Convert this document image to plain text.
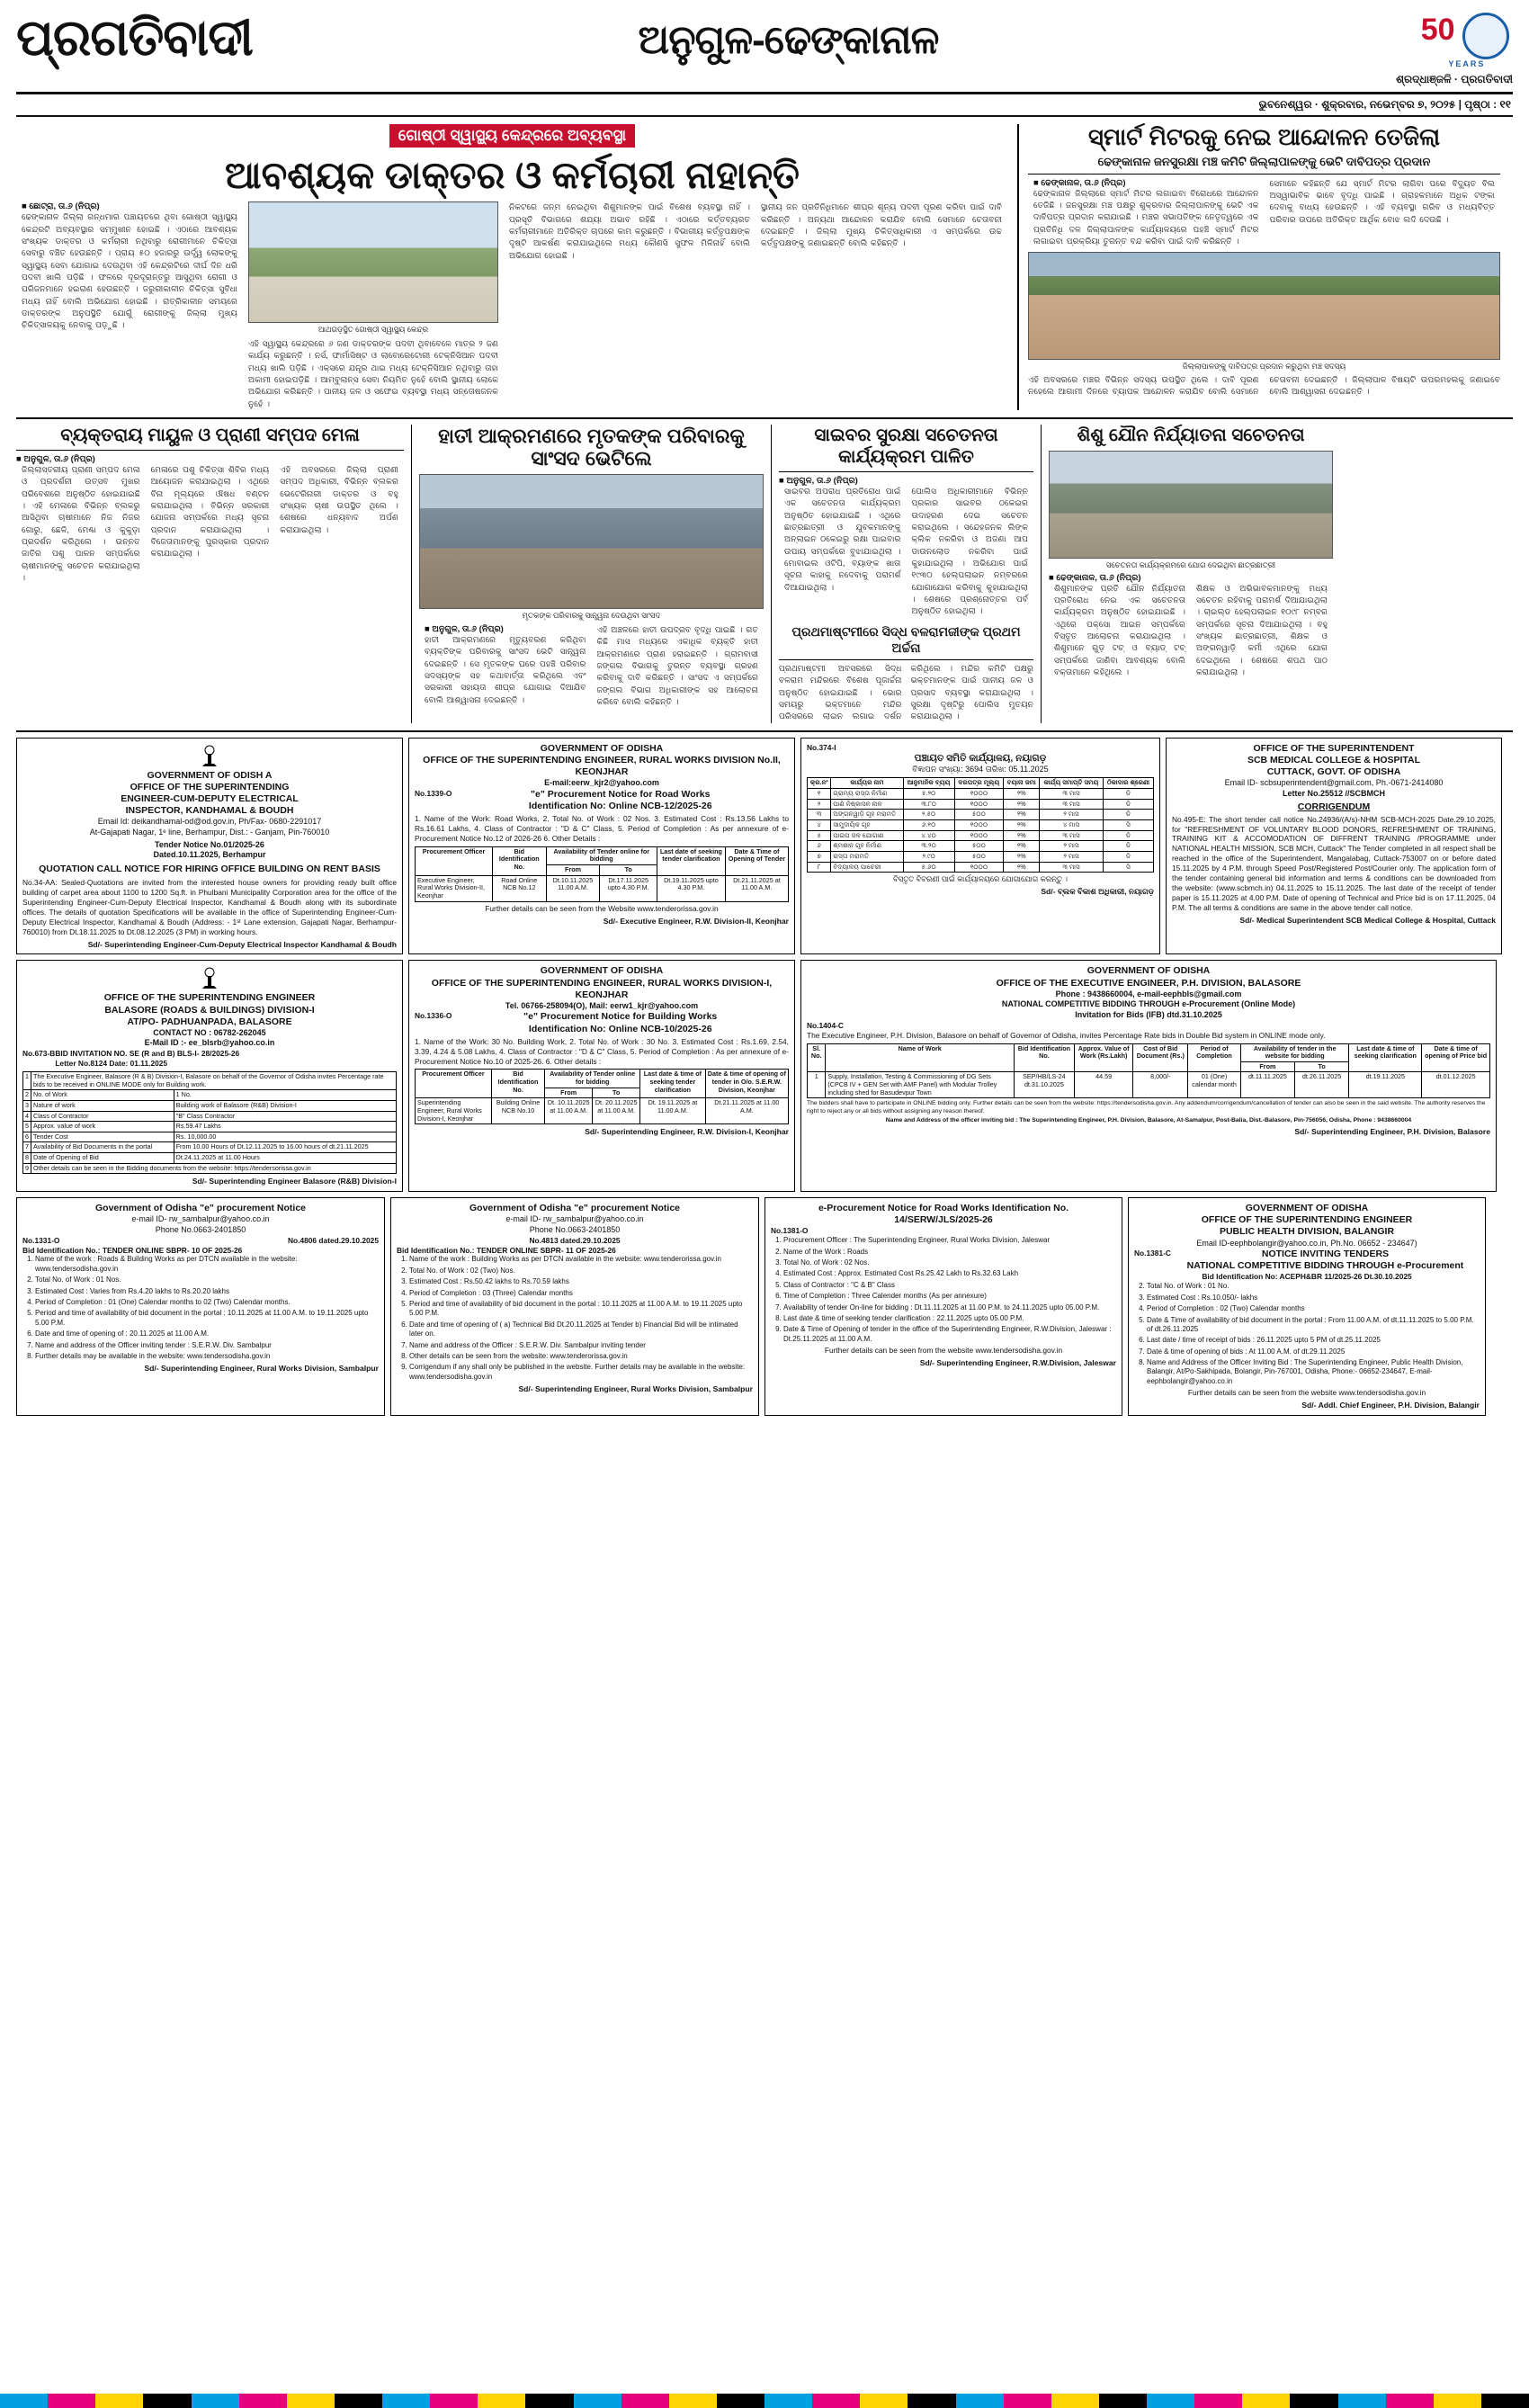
ପ୍ରଗତିବାଦୀ	ଅନୁଗୁଳ-ଢେଙ୍କାନାଳ	50
YEARS
ଶ୍ରଦ୍ଧାଞ୍ଜଳି · ପ୍ରଗତିବାଦୀ

ଭୁବନେଶ୍ୱର · ଶୁକ୍ରବାର, ନଭେମ୍ବର ୭, ୨୦୨୫ | ପୃଷ୍ଠା : ୧୧
ଗୋଷ୍ଠୀ ସ୍ୱାସ୍ଥ୍ୟ କେନ୍ଦ୍ରରେ ଅବ୍ୟବସ୍ଥା
ଆବଶ୍ୟକ ଡାକ୍ତର ଓ କର୍ମଚାରୀ ନାହାନ୍ତି
■ ଛୋଟ୍ରା, ତା.୬ (ନିପ୍ର)
ଢେଙ୍କାନାଳ ଜିଲ୍ଲା ଗନ୍ଧମାର ପଞ୍ଚାୟତରେ ଥିବା ଗୋଷ୍ଠୀ ସ୍ୱାସ୍ଥ୍ୟ କେନ୍ଦ୍ରଟି ଅବ୍ୟବସ୍ଥାର ସମ୍ମୁଖୀନ ହୋଇଛି । ଏଠାରେ ଆବଶ୍ୟକ ସଂଖ୍ୟକ ଡାକ୍ତର ଓ କର୍ମଚାରୀ ନଥିବାରୁ ରୋଗୀମାନେ ଚିକିତ୍ସା ସେବାରୁ ବଞ୍ଚିତ ହେଉଛନ୍ତି । ପ୍ରାୟ ୫୦ ହଜାରରୁ ଊର୍ଦ୍ଧ୍ୱ ଲୋକଙ୍କୁ ସ୍ୱାସ୍ଥ୍ୟ ସେବା ଯୋଗାଇ ଦେଉଥିବା ଏହି କେନ୍ଦ୍ରଟିରେ ଦୀର୍ଘ ଦିନ ଧରି ପଦବୀ ଖାଲି ପଡ଼ିଛି । ଫଳରେ ଦୂରଦୂରାନ୍ତରୁ ଆସୁଥିବା ରୋଗୀ ଓ ପରିଜନମାନେ ହଇରାଣ ହେଉଛନ୍ତି । ଜରୁରୀକାଳୀନ ଚିକିତ୍ସା ସୁବିଧା ମଧ୍ୟ ନାହିଁ ବୋଲି ଅଭିଯୋଗ ହୋଇଛି । ରାତ୍ରିକାଳୀନ ସମୟରେ ଡାକ୍ତରଙ୍କ ଅନୁପସ୍ଥିତି ଯୋଗୁଁ ରୋଗୀଙ୍କୁ ଜିଲ୍ଲା ମୁଖ୍ୟ ଚିକିତ୍ସାଳୟକୁ ନେବାକୁ ପଡ଼ୁଛି ।	ଆଥଗଡ଼ସ୍ଥିତ ଗୋଷ୍ଠୀ ସ୍ୱାସ୍ଥ୍ୟ କେନ୍ଦ୍ର
ଏହି ସ୍ୱାସ୍ଥ୍ୟ କେନ୍ଦ୍ରରେ ୬ ଜଣ ଡାକ୍ତରଙ୍କ ପଦବୀ ଥିବାବେଳେ ମାତ୍ର ୨ ଜଣ କାର୍ଯ୍ୟ କରୁଛନ୍ତି । ନର୍ସ, ଫାର୍ମାସିଷ୍ଟ ଓ ଲାବୋରେଟୋରୀ ଟେକ୍ନିସିଆନ ପଦବୀ ମଧ୍ୟ ଖାଲି ପଡ଼ିଛି । ଏକ୍ସରେ ଯନ୍ତ୍ର ଥାଇ ମଧ୍ୟ ଟେକ୍ନିସିଆନ ନଥିବାରୁ ତାହା ଅକାମୀ ହୋଇପଡ଼ିଛି । ଆମ୍ବୁଲାନ୍ସ ସେବା ନିୟମିତ ନୁହେଁ ବୋଲି ସ୍ଥାନୀୟ ଲୋକେ ଅଭିଯୋଗ କରିଛନ୍ତି । ପାନୀୟ ଜଳ ଓ ସଫେଇ ବ୍ୟବସ୍ଥା ମଧ୍ୟ ସନ୍ତୋଷଜନକ ନୁହେଁ ।
ନିକଟରେ ଜନ୍ମ ନେଇଥିବା ଶିଶୁମାନଙ୍କ ପାଇଁ ବିଶେଷ ବ୍ୟବସ୍ଥା ନାହିଁ । ପ୍ରସୂତି ବିଭାଗରେ ଶଯ୍ୟା ଅଭାବ ରହିଛି । ଏଠାରେ କର୍ତ୍ତବ୍ୟରତ କର୍ମଚାରୀମାନେ ଅତିରିକ୍ତ ଚାପରେ କାମ କରୁଛନ୍ତି । ବିଭାଗୀୟ କର୍ତ୍ତୃପକ୍ଷଙ୍କ ଦୃଷ୍ଟି ଆକର୍ଷଣ କରାଯାଇଥିଲେ ମଧ୍ୟ କୌଣସି ସୁଫଳ ମିଳିନାହିଁ ବୋଲି ଅଭିଯୋଗ ହୋଇଛି ।
ସ୍ଥାନୀୟ ଜନ ପ୍ରତିନିଧିମାନେ ଶୀଘ୍ର ଶୂନ୍ୟ ପଦବୀ ପୂରଣ କରିବା ପାଇଁ ଦାବି କରିଛନ୍ତି । ଅନ୍ୟଥା ଆନ୍ଦୋଳନ କରାଯିବ ବୋଲି ସେମାନେ ଚେତାବନୀ ଦେଇଛନ୍ତି । ଜିଲ୍ଲା ମୁଖ୍ୟ ଚିକିତ୍ସାଧିକାରୀ ଏ ସମ୍ପର୍କରେ ଉଚ୍ଚ କର୍ତ୍ତୃପକ୍ଷଙ୍କୁ ଜଣାଇଛନ୍ତି ବୋଲି କହିଛନ୍ତି ।
ସ୍ମାର୍ଟ ମିଟରକୁ ନେଇ ଆନ୍ଦୋଳନ ତେଜିଲା
ଢେଙ୍କାନାଳ ଜନସୁରକ୍ଷା ମଞ୍ଚ କମିଟି ଜିଲ୍ଲାପାଳଙ୍କୁ ଭେଟି ଦାବିପତ୍ର ପ୍ରଦାନ
■ ଢେଙ୍କାନାଳ, ତା.୬ (ନିପ୍ର)
ଢେଙ୍କାନାଳ ଜିଲ୍ଲାରେ ସ୍ମାର୍ଟ ମିଟର ଲଗାଇବା ବିରୋଧରେ ଆନ୍ଦୋଳନ ତେଜିଛି । ଜନସୁରକ୍ଷା ମଞ୍ଚ ପକ୍ଷରୁ ଶୁକ୍ରବାର ଜିଲ୍ଲାପାଳଙ୍କୁ ଭେଟି ଏକ ଦାବିପତ୍ର ପ୍ରଦାନ କରାଯାଇଛି । ମଞ୍ଚର ସଭାପତିଙ୍କ ନେତୃତ୍ୱରେ ଏକ ପ୍ରତିନିଧି ଦଳ ଜିଲ୍ଲାପାଳଙ୍କ କାର୍ଯ୍ୟାଳୟରେ ପହଞ୍ଚି ସ୍ମାର୍ଟ ମିଟର ଲଗାଇବା ପ୍ରକ୍ରିୟା ତୁରନ୍ତ ବନ୍ଦ କରିବା ପାଇଁ ଦାବି କରିଛନ୍ତି ।
ସେମାନେ କହିଛନ୍ତି ଯେ ସ୍ମାର୍ଟ ମିଟର ଲାଗିବା ପରେ ବିଦ୍ୟୁତ ବିଲ ଅସ୍ୱାଭାବିକ ଭାବେ ବୃଦ୍ଧି ପାଇଛି । ଗ୍ରାହକମାନେ ଅଧିକ ଟଙ୍କା ଦେବାକୁ ବାଧ୍ୟ ହେଉଛନ୍ତି । ଏହି ବ୍ୟବସ୍ଥା ଗରିବ ଓ ମଧ୍ୟବିତ୍ତ ପରିବାର ଉପରେ ଅତିରିକ୍ତ ଆର୍ଥିକ ବୋଝ ଲଦି ଦେଉଛି ।
ଜିଲ୍ଲାପାଳଙ୍କୁ ଦାବିପତ୍ର ପ୍ରଦାନ କରୁଥିବା ମଞ୍ଚ ସଦସ୍ୟ
ଏହି ଅବସରରେ ମଞ୍ଚର ବିଭିନ୍ନ ସଦସ୍ୟ ଉପସ୍ଥିତ ଥିଲେ । ଦାବି ପୂରଣ ନହେଲେ ଆଗାମୀ ଦିନରେ ବ୍ୟାପକ ଆନ୍ଦୋଳନ କରାଯିବ ବୋଲି ସେମାନେ ଚେତାବନୀ ଦେଇଛନ୍ତି । ଜିଲ୍ଲାପାଳ ବିଷୟଟି ଉପରମହଲକୁ ଜଣାଇବେ ବୋଲି ଆଶ୍ୱାସନା ଦେଇଛନ୍ତି ।
ବ୍ୟକ୍ତରାୟ ମାୟୁଳ ଓ ପ୍ରାଣୀ ସମ୍ପଦ ମେଳା
■ ଅନୁଗୁଳ, ତା.୬ (ନିପ୍ର)
ଜିଲ୍ଲାସ୍ତରୀୟ ପ୍ରାଣୀ ସମ୍ପଦ ମେଳା ଓ ପ୍ରଦର୍ଶନୀ ଉତ୍ସବ ମୁଖର ପରିବେଶରେ ଅନୁଷ୍ଠିତ ହୋଇଯାଇଛି । ଏହି ମେଳାରେ ବିଭିନ୍ନ ବ୍ଲକରୁ ଆସିଥିବା ଚାଷୀମାନେ ନିଜ ନିଜର ଗୋରୁ, ଛେଳି, ମେଣ୍ଢା ଓ କୁକୁଡ଼ା ପ୍ରଦର୍ଶନ କରିଥିଲେ । ଉନ୍ନତ ଜାତିର ପଶୁ ପାଳନ ସମ୍ପର୍କରେ ଚାଷୀମାନଙ୍କୁ ସଚେତନ କରାଯାଇଥିଲା ।
ମେଳାରେ ପଶୁ ଚିକିତ୍ସା ଶିବିର ମଧ୍ୟ ଆୟୋଜନ କରାଯାଇଥିଲା । ଏଥିରେ ବିନା ମୂଲ୍ୟରେ ଔଷଧ ବଣ୍ଟନ କରାଯାଇଥିଲା । ବିଭିନ୍ନ ସରକାରୀ ଯୋଜନା ସମ୍ପର୍କରେ ମଧ୍ୟ ସୂଚନା ପ୍ରଦାନ କରାଯାଇଥିଲା । ବିଜେତାମାନଙ୍କୁ ପୁରସ୍କାର ପ୍ରଦାନ କରାଯାଇଥିଲା ।
ଏହି ଅବସରରେ ଜିଲ୍ଲା ପ୍ରାଣୀ ସମ୍ପଦ ଅଧିକାରୀ, ବିଭିନ୍ନ ବ୍ଲକର ଭେଟେରିନାରୀ ଡାକ୍ତର ଓ ବହୁ ସଂଖ୍ୟକ ଚାଷୀ ଉପସ୍ଥିତ ଥିଲେ । ଶେଷରେ ଧନ୍ୟବାଦ ଅର୍ପଣ କରାଯାଇଥିଲା ।
ହାତୀ ଆକ୍ରମଣରେ ମୃତକଙ୍କ ପରିବାରକୁ ସାଂସଦ ଭେଟିଲେ
ମୃତକଙ୍କ ପରିବାରକୁ ସାନ୍ତ୍ୱନା ଦେଉଥିବା ସାଂସଦ
■ ଅନୁଗୁଳ, ତା.୬ (ନିପ୍ର)
ହାତୀ ଆକ୍ରମଣରେ ମୃତ୍ୟୁବରଣ କରିଥିବା ବ୍ୟକ୍ତିଙ୍କ ପରିବାରକୁ ସାଂସଦ ଭେଟି ସାନ୍ତ୍ୱନା ଦେଇଛନ୍ତି । ସେ ମୃତକଙ୍କ ଘରେ ପହଞ୍ଚି ପରିବାର ସଦସ୍ୟଙ୍କ ସହ କଥାବାର୍ତ୍ତା କରିଥିଲେ ଏବଂ ସରକାରୀ ସହାୟତା ଶୀଘ୍ର ଯୋଗାଇ ଦିଆଯିବ ବୋଲି ଆଶ୍ୱାସନା ଦେଇଛନ୍ତି ।
ଏହି ଅଞ୍ଚଳରେ ହାତୀ ଉପଦ୍ରବ ବୃଦ୍ଧି ପାଇଛି । ଗତ କିଛି ମାସ ମଧ୍ୟରେ ଏକାଧିକ ବ୍ୟକ୍ତି ହାତୀ ଆକ୍ରମଣରେ ପ୍ରାଣ ହରାଇଛନ୍ତି । ଗ୍ରାମବାସୀ ଜଙ୍ଗଲ ବିଭାଗକୁ ତୁରନ୍ତ ବ୍ୟବସ୍ଥା ଗ୍ରହଣ କରିବାକୁ ଦାବି କରିଛନ୍ତି । ସାଂସଦ ଏ ସମ୍ପର୍କରେ ଜଙ୍ଗଲ ବିଭାଗ ଅଧିକାରୀଙ୍କ ସହ ଆଲୋଚନା କରିବେ ବୋଲି କହିଛନ୍ତି ।
ସାଇବର ସୁରକ୍ଷା ସଚେତନତା କାର୍ଯ୍ୟକ୍ରମ ପାଳିତ
■ ଅନୁଗୁଳ, ତା.୬ (ନିପ୍ର)
ସାଇବର ଅପରାଧ ପ୍ରତିରୋଧ ପାଇଁ ଏକ ସଚେତନତା କାର୍ଯ୍ୟକ୍ରମ ଅନୁଷ୍ଠିତ ହୋଇଯାଇଛି । ଏଥିରେ ଛାତ୍ରଛାତ୍ରୀ ଓ ଯୁବକମାନଙ୍କୁ ଅନ୍‌ଲାଇନ ଠକେଇରୁ ରକ୍ଷା ପାଇବାର ଉପାୟ ସମ୍ପର୍କରେ ବୁଝାଯାଇଥିଲା । ମୋବାଇଲ ଓଟିପି, ବ୍ୟାଙ୍କ ଖାତା ସୂଚନା କାହାକୁ ନଦେବାକୁ ପରାମର୍ଶ ଦିଆଯାଇଥିଲା ।
ପୋଲିସ ଅଧିକାରୀମାନେ ବିଭିନ୍ନ ପ୍ରକାର ସାଇବର ଠକେଇର ଉଦାହରଣ ଦେଇ ସଚେତନ କରାଇଥିଲେ । ସନ୍ଦେହଜନକ ଲିଙ୍କ କ୍ଲିକ ନକରିବା ଓ ଅଜଣା ଆପ ଡାଉନଲୋଡ ନକରିବା ପାଇଁ କୁହାଯାଇଥିଲା । ଅଭିଯୋଗ ପାଇଁ ୧୯୩୦ ହେଲ୍ପଲାଇନ ନମ୍ବରରେ ଯୋଗାଯୋଗ କରିବାକୁ କୁହାଯାଇଥିଲା । ଶେଷରେ ପ୍ରଶ୍ନୋତ୍ତର ପର୍ବ ଅନୁଷ୍ଠିତ ହୋଇଥିଲା ।
ପ୍ରଥମାଷ୍ଟମୀରେ ସିଦ୍ଧ ବଳରାମଜୀଙ୍କ ପ୍ରଥମ ଅର୍ଚ୍ଚନା
ପ୍ରଥମାଷ୍ଟମୀ ଅବସରରେ ସିଦ୍ଧ ବଳରାମ ମନ୍ଦିରରେ ବିଶେଷ ପୂଜାର୍ଚ୍ଚନା ଅନୁଷ୍ଠିତ ହୋଇଯାଇଛି । ଭୋର ସମୟରୁ ଭକ୍ତମାନେ ମନ୍ଦିର ପରିସରରେ ଲାଇନ ଲଗାଇ ଦର୍ଶନ କରିଥିଲେ । ମନ୍ଦିର କମିଟି ପକ୍ଷରୁ ଭକ୍ତମାନଙ୍କ ପାଇଁ ପାନୀୟ ଜଳ ଓ ପ୍ରସାଦ ବ୍ୟବସ୍ଥା କରାଯାଇଥିଲା । ସୁରକ୍ଷା ଦୃଷ୍ଟିରୁ ପୋଲିସ ମୁତୟନ କରାଯାଇଥିଲା ।
ଶିଶୁ ଯୌନ ନିର୍ଯ୍ୟାତନା ସଚେତନତା
ସଚେତନତା କାର୍ଯ୍ୟକ୍ରମରେ ଯୋଗ ଦେଇଥିବା ଛାତ୍ରଛାତ୍ରୀ
■ ଢେଙ୍କାନାଳ, ତା.୬ (ନିପ୍ର)
ଶିଶୁମାନଙ୍କ ପ୍ରତି ଯୌନ ନିର୍ଯ୍ୟାତନା ପ୍ରତିରୋଧ ନେଇ ଏକ ସଚେତନତା କାର୍ଯ୍ୟକ୍ରମ ଅନୁଷ୍ଠିତ ହୋଇଯାଇଛି । ଏଥିରେ ପକ୍‌ସୋ ଆଇନ ସମ୍ପର୍କରେ ବିସ୍ତୃତ ଆଲୋଚନା କରାଯାଇଥିଲା । ଶିଶୁମାନେ ଗୁଡ଼ ଟଚ୍ ଓ ବ୍ୟାଡ୍ ଟଚ୍ ସମ୍ପର୍କରେ ଜାଣିବା ଆବଶ୍ୟକ ବୋଲି ବକ୍ତାମାନେ କହିଥିଲେ ।
ଶିକ୍ଷକ ଓ ଅଭିଭାବକମାନଙ୍କୁ ମଧ୍ୟ ସଚେତନ ରହିବାକୁ ପରାମର୍ଶ ଦିଆଯାଇଥିଲା । ଚାଇଲ୍ଡ ହେଲ୍ପଲାଇନ ୧୦୯୮ ନମ୍ବର ସମ୍ପର୍କରେ ସୂଚନା ଦିଆଯାଇଥିଲା । ବହୁ ସଂଖ୍ୟକ ଛାତ୍ରଛାତ୍ରୀ, ଶିକ୍ଷକ ଓ ଅଙ୍ଗନୱାଡ଼ି କର୍ମୀ ଏଥିରେ ଯୋଗ ଦେଇଥିଲେ । ଶେଷରେ ଶପଥ ପାଠ କରାଯାଇଥିଲା ।
GOVERNMENT OF ODISH A
OFFICE OF THE SUPERINTENDING
ENGINEER-CUM-DEPUTY ELECTRICAL
INSPECTOR, KANDHAMAL & BOUDH
Email Id: deikandhamal-od@od.gov.in, Ph/Fax- 0680-2291017
At-Gajapati Nagar, 1ᵉ line, Berhampur, Dist.: - Ganjam, Pin-760010
Tender Notice No.01/2025-26
Dated.10.11.2025, Berhampur
QUOTATION CALL NOTICE FOR HIRING OFFICE BUILDING ON RENT BASIS
No.34-AA: Sealed-Quotations are invited from the interested house owners for providing ready built office building of carpet area about 1100 to 1200 Sq.ft. in Phulbani Municipality Corporation area for the office of the Superintending Engineer-Cum-Deputy Electrical Inspector, Kandhamal & Boudh along with its subordinate offices. The details of quotation Specifications will be available in the office of Superintending Engineer-Cum-Deputy Electrical Inspector, Kandhamal & Boudh (Address: - 1ˢᵗ Lane extension, Gajapati Nagar, Berhampur-760010) from Dt.18.11.2025 to Dt.08.12.2025 (3 PM) in working hours.
Sd/- Superintending Engineer-Cum-Deputy Electrical Inspector Kandhamal & Boudh
GOVERNMENT OF ODISHA
OFFICE OF THE SUPERINTENDING ENGINEER, RURAL WORKS DIVISION No.II, KEONJHAR
E-mail:eerw_kjr2@yahoo.com
No.1339-O	"e" Procurement Notice for Road Works
Identification No: Online NCB-12/2025-26
1. Name of the Work: Road Works, 2. Total No. of Work : 02 Nos. 3. Estimated Cost : Rs.13.56 Lakhs to Rs.16.61 Lakhs, 4. Class of Contractor : "D & C" Class, 5. Period of Completion : As per annexure of e-Procurement Notice No.12 of 2026-26 6. Other Details :
Procurement Officer	Bid Identification No.	Availability of Tender online for bidding		Last date of seeking tender clarification	Date & Time of Opening of Tender
		From	To		
Executive Engineer, Rural Works Division-II, Keonjhar	Road Online NCB No.12	Dt.10.11.2025 11.00 A.M.	Dt.17.11.2025 upto 4.30 P.M.	Dt.19.11.2025 upto 4.30 P.M.	Dt.21.11.2025 at 11.00 A.M.
Further details can be seen from the Website www.tenderorissa.gov.in
Sd/- Executive Engineer, R.W. Division-II, Keonjhar
No.374-I
ପଞ୍ଚାୟତ ସମିତି କାର୍ଯ୍ୟାଳୟ, ନୟାଗଡ଼
ବିଜ୍ଞାପନ ସଂଖ୍ୟା: 3694 ତାରିଖ: 05.11.2025
କ୍ର.ନଂ	କାର୍ଯ୍ୟର ନାମ	ଆନୁମାନିକ ବ୍ୟୟ	ଦରପତ୍ର ମୂଲ୍ୟ	ବୟାନା ଜମା	କାର୍ଯ୍ୟ ସମାପ୍ତି ସମୟ	ଠିକାଦାର ଶ୍ରେଣୀ
୧	ଗ୍ରାମ୍ୟ ରାସ୍ତା ନିର୍ମାଣ	୫.୨୦	୧୦୦୦	୨%	୩ ମାସ	ଡି
୨	ପାଣି ନିଷ୍କାସନ ନାଳ	୩.୮୦	୧୦୦୦	୨%	୩ ମାସ	ଡି
୩	ଅଙ୍ଗନୱାଡ଼ି ଗୃହ ମରାମତି	୨.୫୦	୫୦୦	୨%	୨ ମାସ	ଡି
୪	ସାମୁଦାୟିକ ଗୃହ	୬.୧୦	୧୦୦୦	୨%	୪ ମାସ	ସି
୫	ପାଇପ ଜଳ ଯୋଗାଣ	୪.୪୦	୧୦୦୦	୨%	୩ ମାସ	ଡି
୬	ଶ୍ମଶାନ ଗୃହ ନିର୍ମାଣ	୩.୨୦	୫୦୦	୨%	୨ ମାସ	ଡି
୭	ରାସ୍ତା ମରାମତି	୨.୯୦	୫୦୦	୨%	୨ ମାସ	ଡି
୮	ବିଦ୍ୟାଳୟ ପାଚେରୀ	୫.୬୦	୧୦୦୦	୨%	୩ ମାସ	ସି
ବିସ୍ତୃତ ବିବରଣୀ ପାଇଁ କାର୍ଯ୍ୟାଳୟରେ ଯୋଗାଯୋଗ କରନ୍ତୁ ।
Sd/- ବ୍ଲକ ବିକାଶ ଅଧିକାରୀ, ନୟାଗଡ଼
OFFICE OF THE SUPERINTENDENT
SCB MEDICAL COLLEGE & HOSPITAL
CUTTACK, GOVT. OF ODISHA
Email ID- scbsuperintendent@gmail.com, Ph.-0671-2414080
Letter No.25512 //SCBMCH
CORRIGENDUM
No.495-E: The short tender call notice No.24936/(A/s)-NHM SCB-MCH-2025 Date.29.10.2025, for "REFRESHMENT OF VOLUNTARY BLOOD DONORS, REFRESHMENT OF TRAINING, TRAINING KIT & ACCOMODATION OF DIFFRENT TRAINING /PROGRAMME under NATIONAL HEALTH MISSION, SCB MCH, Cuttack" The Tender completed in all respect shall be reached in the office of the Superintendent, Mangalabag, Cuttack-753007 on or before dated 15.11.2025 by 4 P.M. through Speed Post/Registered Post/Courier only. The application form of the tender containing general bid information and terms & conditions can be downloaded from the website: (www.scbmch.in) 04.11.2025 to 15.11.2025. The last date of the receipt of tender paper is 15.11.2025 at 4.00 P.M. Date of opening of Technical and Price bid is on 17.11.2025, 04 P.M. The all terms & conditions are same in the above tender call notice.
Sd/- Medical Superintendent SCB Medical College & Hospital, Cuttack
OFFICE OF THE SUPERINTENDING ENGINEER
BALASORE (ROADS & BUILDINGS) DIVISION-I
AT/PO- PADHUANPADA, BALASORE
CONTACT NO : 06782-262045
E-Mail ID :- ee_blsrb@yahoo.co.in
No.673-B BID INVITATION NO. SE (R and B) BLS-I- 28/2025-26
Letter No.8124 Date: 01.11.2025
1	The Executive Engineer, Balasore (R & B) Division-I, Balasore on behalf of the Governor of Odisha invites Percentage rate bids to be received in ONLINE MODE only for Building work.	
2	No. of Work	1 No.
3	Nature of work	Building work of Balasore (R&B) Division-I
4	Class of Contractor	"B" Class Contractor
5	Approx. value of work	Rs.59.47 Lakhs
6	Tender Cost	Rs. 10,000.00
7	Availability of Bid Documents in the portal	From 10.00 Hours of Dt.12.11.2025 to 16.00 hours of dt.21.11.2025
8	Date of Opening of Bid	Dt.24.11.2025 at 11.00 Hours
9	Other details can be seen in the Bidding documents from the website: https://tendersorissa.gov.in	
Sd/- Superintending Engineer Balasore (R&B) Division-I
GOVERNMENT OF ODISHA
OFFICE OF THE SUPERINTENDING ENGINEER, RURAL WORKS DIVISION-I, KEONJHAR
Tel. 06766-258094(O), Mail: eerw1_kjr@yahoo.com
No.1336-O	"e" Procurement Notice for Building Works
Identification No: Online NCB-10/2025-26
1. Name of the Work: 30 No. Building Work, 2. Total No. of Work : 30 No. 3. Estimated Cost : Rs.1.69, 2.54, 3.39, 4.24 & 5.08 Lakhs, 4. Class of Contractor : "D & C" Class, 5. Period of Completion : As per annexure of e-Procurement Notice No.10 of 2025-26. 6. Other details :
Procurement Officer	Bid Identification No.	Availability of Tender online for bidding		Last date & time of seeking tender clarification	Date & time of opening of tender in O/o. S.E.R.W. Division, Keonjhar
		From	To		
Superintending Engineer, Rural Works Division-I, Keonjhar	Building Online NCB No.10	Dt. 10.11.2025 at 11.00 A.M.	Dt. 20.11.2025 at 11.00 A.M.	Dt. 19.11.2025 at 11.00 A.M.	Dt.21.11.2025 at 11.00 A.M.
Sd/- Superintending Engineer, R.W. Division-I, Keonjhar
GOVERNMENT OF ODISHA
OFFICE OF THE EXECUTIVE ENGINEER, P.H. DIVISION, BALASORE
Phone : 9438660004, e-mail-eephbls@gmail.com
NATIONAL COMPETITIVE BIDDING THROUGH e-Procurement (Online Mode)
Invitation for Bids (IFB) dtd.31.10.2025
No.1404-C
The Executive Engineer, P.H. Division, Balasore on behalf of Governor of Odisha, invites Percentage Rate bids in Double Bid system in ONLINE mode only.
Sl. No.	Name of Work	Bid Identification No.	Approx. Value of Work (Rs.Lakh)	Cost of Bid Document (Rs.)	Period of Completion	Availability of tender in the website for bidding		Last date & time of seeking clarification	Date & time of opening of Price bid
						From	To		
1	Supply, Installation, Testing & Commissioning of DG Sets (CPCB IV + GEN Set with AMF Panel) with Modular Trolley including shed for Basudevpur Town	SEP/HB/LS-24 dt.31.10.2025	44.59	8,000/-	01 (One) calendar month	dt.11.11.2025	dt.26.11.2025	dt.19.11.2025	dt.01.12.2025
The bidders shall have to participate in ONLINE bidding only. Further details can be seen from the website: https://tendersodisha.gov.in. Any addendum/corrigendum/cancellation of tender can also be seen in the said website. The authority reserves the right to reject any or all bids without assigning any reason thereof.
Name and Address of the officer inviting bid : The Superintending Engineer, P.H. Division, Balasore, At-Samalpur, Post-Balia, Dist.-Balasore, Pin-756056, Odisha, Phone : 9438660004
Sd/- Superintending Engineer, P.H. Division, Balasore
Government of Odisha "e" procurement Notice
e-mail ID- rw_sambalpur@yahoo.co.in
Phone No.0663-2401850
No.1331-O	No.4806 dated.29.10.2025
Bid Identification No.: TENDER ONLINE SBPR- 10 OF 2025-26
1. Name of the work : Roads & Building Works as per DTCN available in the website: www.tendersodisha.gov.in
2. Total No. of Work : 01 Nos.
3. Estimated Cost : Varies from Rs.4.20 lakhs to Rs.20.20 lakhs
4. Period of Completion : 01 (One) Calendar months to 02 (Two) Calendar months.
5. Period and time of availability of bid document in the portal : 10.11.2025 at 11.00 A.M. to 19.11.2025 upto 5.00 P.M.
6. Date and time of opening of : 20.11.2025 at 11.00 A.M.
7. Name and address of the Officer inviting tender : S.E.R.W. Div. Sambalpur
8. Further details may be available in the website: www.tendersodisha.gov.in
Sd/- Superintending Engineer, Rural Works Division, Sambalpur
Government of Odisha "e" procurement Notice
e-mail ID- rw_sambalpur@yahoo.co.in
Phone No.0663-2401850
No.4813 dated.29.10.2025
Bid Identification No.: TENDER ONLINE SBPR- 11 OF 2025-26
1. Name of the work : Building Works as per DTCN available in the website: www.tenderorissa.gov.in
2. Total No. of Work : 02 (Two) Nos.
3. Estimated Cost : Rs.50.42 lakhs to Rs.70.59 lakhs
4. Period of Completion : 03 (Three) Calendar months
5. Period and time of availability of bid document in the portal : 10.11.2025 at 11.00 A.M. to 19.11.2025 upto 5.00 P.M.
6. Date and time of opening of ( a) Technical Bid Dt.20.11.2025 at Tender b) Financial Bid will be intimated later on.
7. Name and address of the Officer : S.E.R.W. Div. Sambalpur inviting tender
8. Other details can be seen from the website: www.tenderorissa.gov.in
9. Corrigendum if any shall only be published in the website. Further details may be available in the website: www.tendersodisha.gov.in
Sd/- Superintending Engineer, Rural Works Division, Sambalpur
e-Procurement Notice for Road Works Identification No.
14/SERW/JLS/2025-26
No.1381-O
1. Procurement Officer : The Superintending Engineer, Rural Works Division, Jaleswar
2. Name of the Work : Roads
3. Total No. of Work : 02 Nos.
4. Estimated Cost : Approx. Estimated Cost Rs.25.42 Lakh to Rs.32.63 Lakh
5. Class of Contractor : "C & B" Class
6. Time of Completion : Three Calender months (As per annexure)
7. Availability of tender On-line for bidding : Dt.11.11.2025 at 11.00 P.M. to 24.11.2025 upto 05.00 P.M.
8. Last date & time of seeking tender clarification : 22.11.2025 upto 05.00 P.M.
9. Date & Time of Opening of tender in the office of the Superintending Engineer, R.W.Division, Jaleswar : Dt.25.11.2025 at 11.00 A.M.
Further details can be seen from the website www.tendersodisha.gov.in
Sd/- Superintending Engineer, R.W.Division, Jaleswar
GOVERNMENT OF ODISHA
OFFICE OF THE SUPERINTENDING ENGINEER
PUBLIC HEALTH DIVISION, BALANGIR
Email ID-eephbolangir@yahoo.co.in, Ph.No. 06652 - 234647)
No.1381-C	NOTICE INVITING TENDERS
NATIONAL COMPETITIVE BIDDING THROUGH e-Procurement
Bid Identification No: ACEPH&BR 11/2025-26 Dt.30.10.2025
2. Total No. of Work : 01 No.
3. Estimated Cost : Rs.10.050/- lakhs
4. Period of Completion : 02 (Two) Calendar months
5. Date & Time of availability of bid document in the portal : From 11.00 A.M. of dt.11.11.2025 to 5.00 P.M. of dt.26.11.2025
6. Last date / time of receipt of bids : 26.11.2025 upto 5 PM of dt.25.11.2025
7. Date & time of opening of bids : At 11.00 A.M. of dt.29.11.2025
8. Name and Address of the Officer Inviting Bid : The Superintending Engineer, Public Health Division, Balangir, At/Po-Sakhipada, Bolangir, Pin-767001, Odisha, Phone:- 06652-234647, E-mail-eephbolangir@yahoo.co.in
Further details can be seen from the website www.tendersodisha.gov.in
Sd/- Addl. Chief Engineer, P.H. Division, Balangir
